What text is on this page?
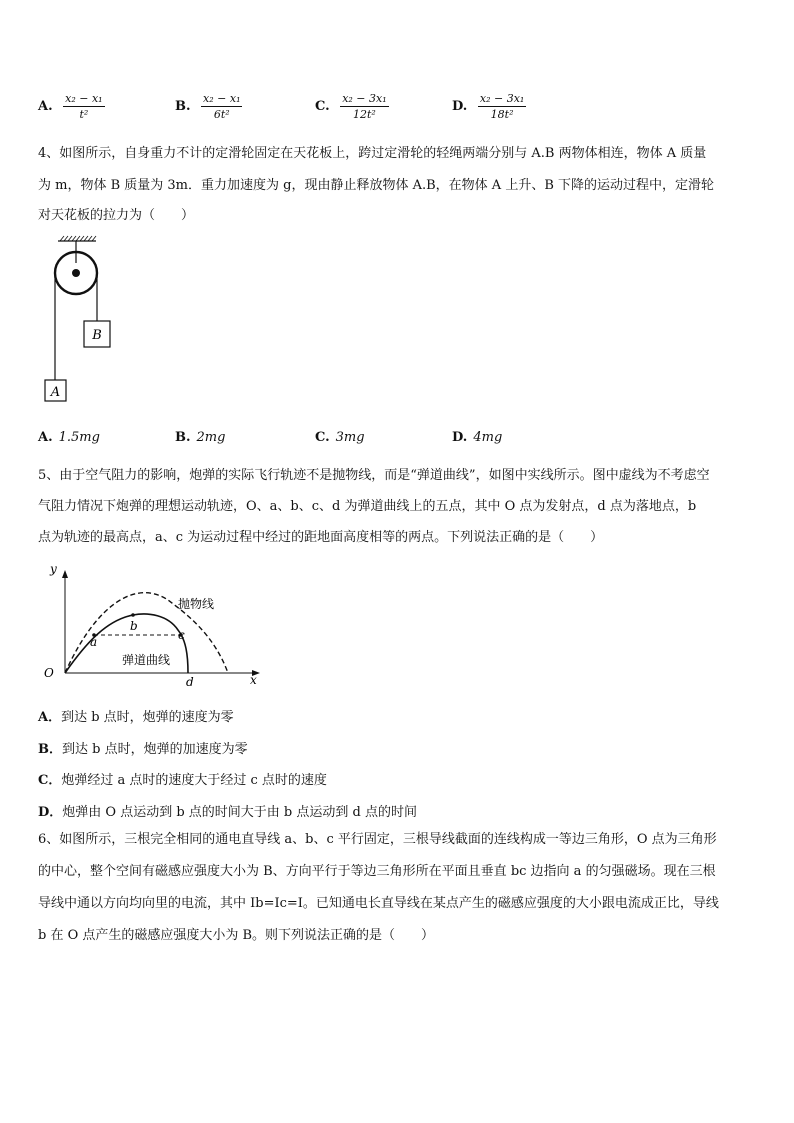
A. $\frac{\text{x₂ − x₁}}{\text{t²}}$	B. $\frac{\text{x₂ − x₁}}{\text{6t²}}$	C. $\frac{\text{x₂ − 3x₁}}{\text{12t²}}$	D. $\frac{\text{x₂ − 3x₁}}{\text{18t²}}$
4、如图所示，自身重力不计的定滑轮固定在天花板上，跨过定滑轮的轻绳两端分别与 A.B 两物体相连，物体 A 质量
为 m，物体 B 质量为 3m．重力加速度为 g，现由静止释放物体 A.B，在物体 A 上升、B 下降的运动过程中，定滑轮
对天花板的拉力为（　　）
B
A
A. 1.5mg	B. 2mg	C. 3mg	D. 4mg
5、由于空气阻力的影响，炮弹的实际飞行轨迹不是抛物线，而是“弹道曲线”，如图中实线所示。图中虚线为不考虑空
气阻力情况下炮弹的理想运动轨迹，O、a、b、c、d 为弹道曲线上的五点，其中 O 点为发射点，d 点为落地点，b
点为轨迹的最高点，a、c 为运动过程中经过的距地面高度相等的两点。下列说法正确的是（　　）
y
x
O
a
b
c
d
抛物线
弹道曲线
A．到达 b 点时，炮弹的速度为零
B．到达 b 点时，炮弹的加速度为零
C．炮弹经过 a 点时的速度大于经过 c 点时的速度
D．炮弹由 O 点运动到 b 点的时间大于由 b 点运动到 d 点的时间
6、如图所示，三根完全相同的通电直导线 a、b、c 平行固定，三根导线截面的连线构成一等边三角形，O 点为三角形
的中心，整个空间有磁感应强度大小为 B、方向平行于等边三角形所在平面且垂直 bc 边指向 a 的匀强磁场。现在三根
导线中通以方向均向里的电流，其中 Ib=Ic=I。已知通电长直导线在某点产生的磁感应强度的大小跟电流成正比，导线
b 在 O 点产生的磁感应强度大小为 B。则下列说法正确的是（　　）
